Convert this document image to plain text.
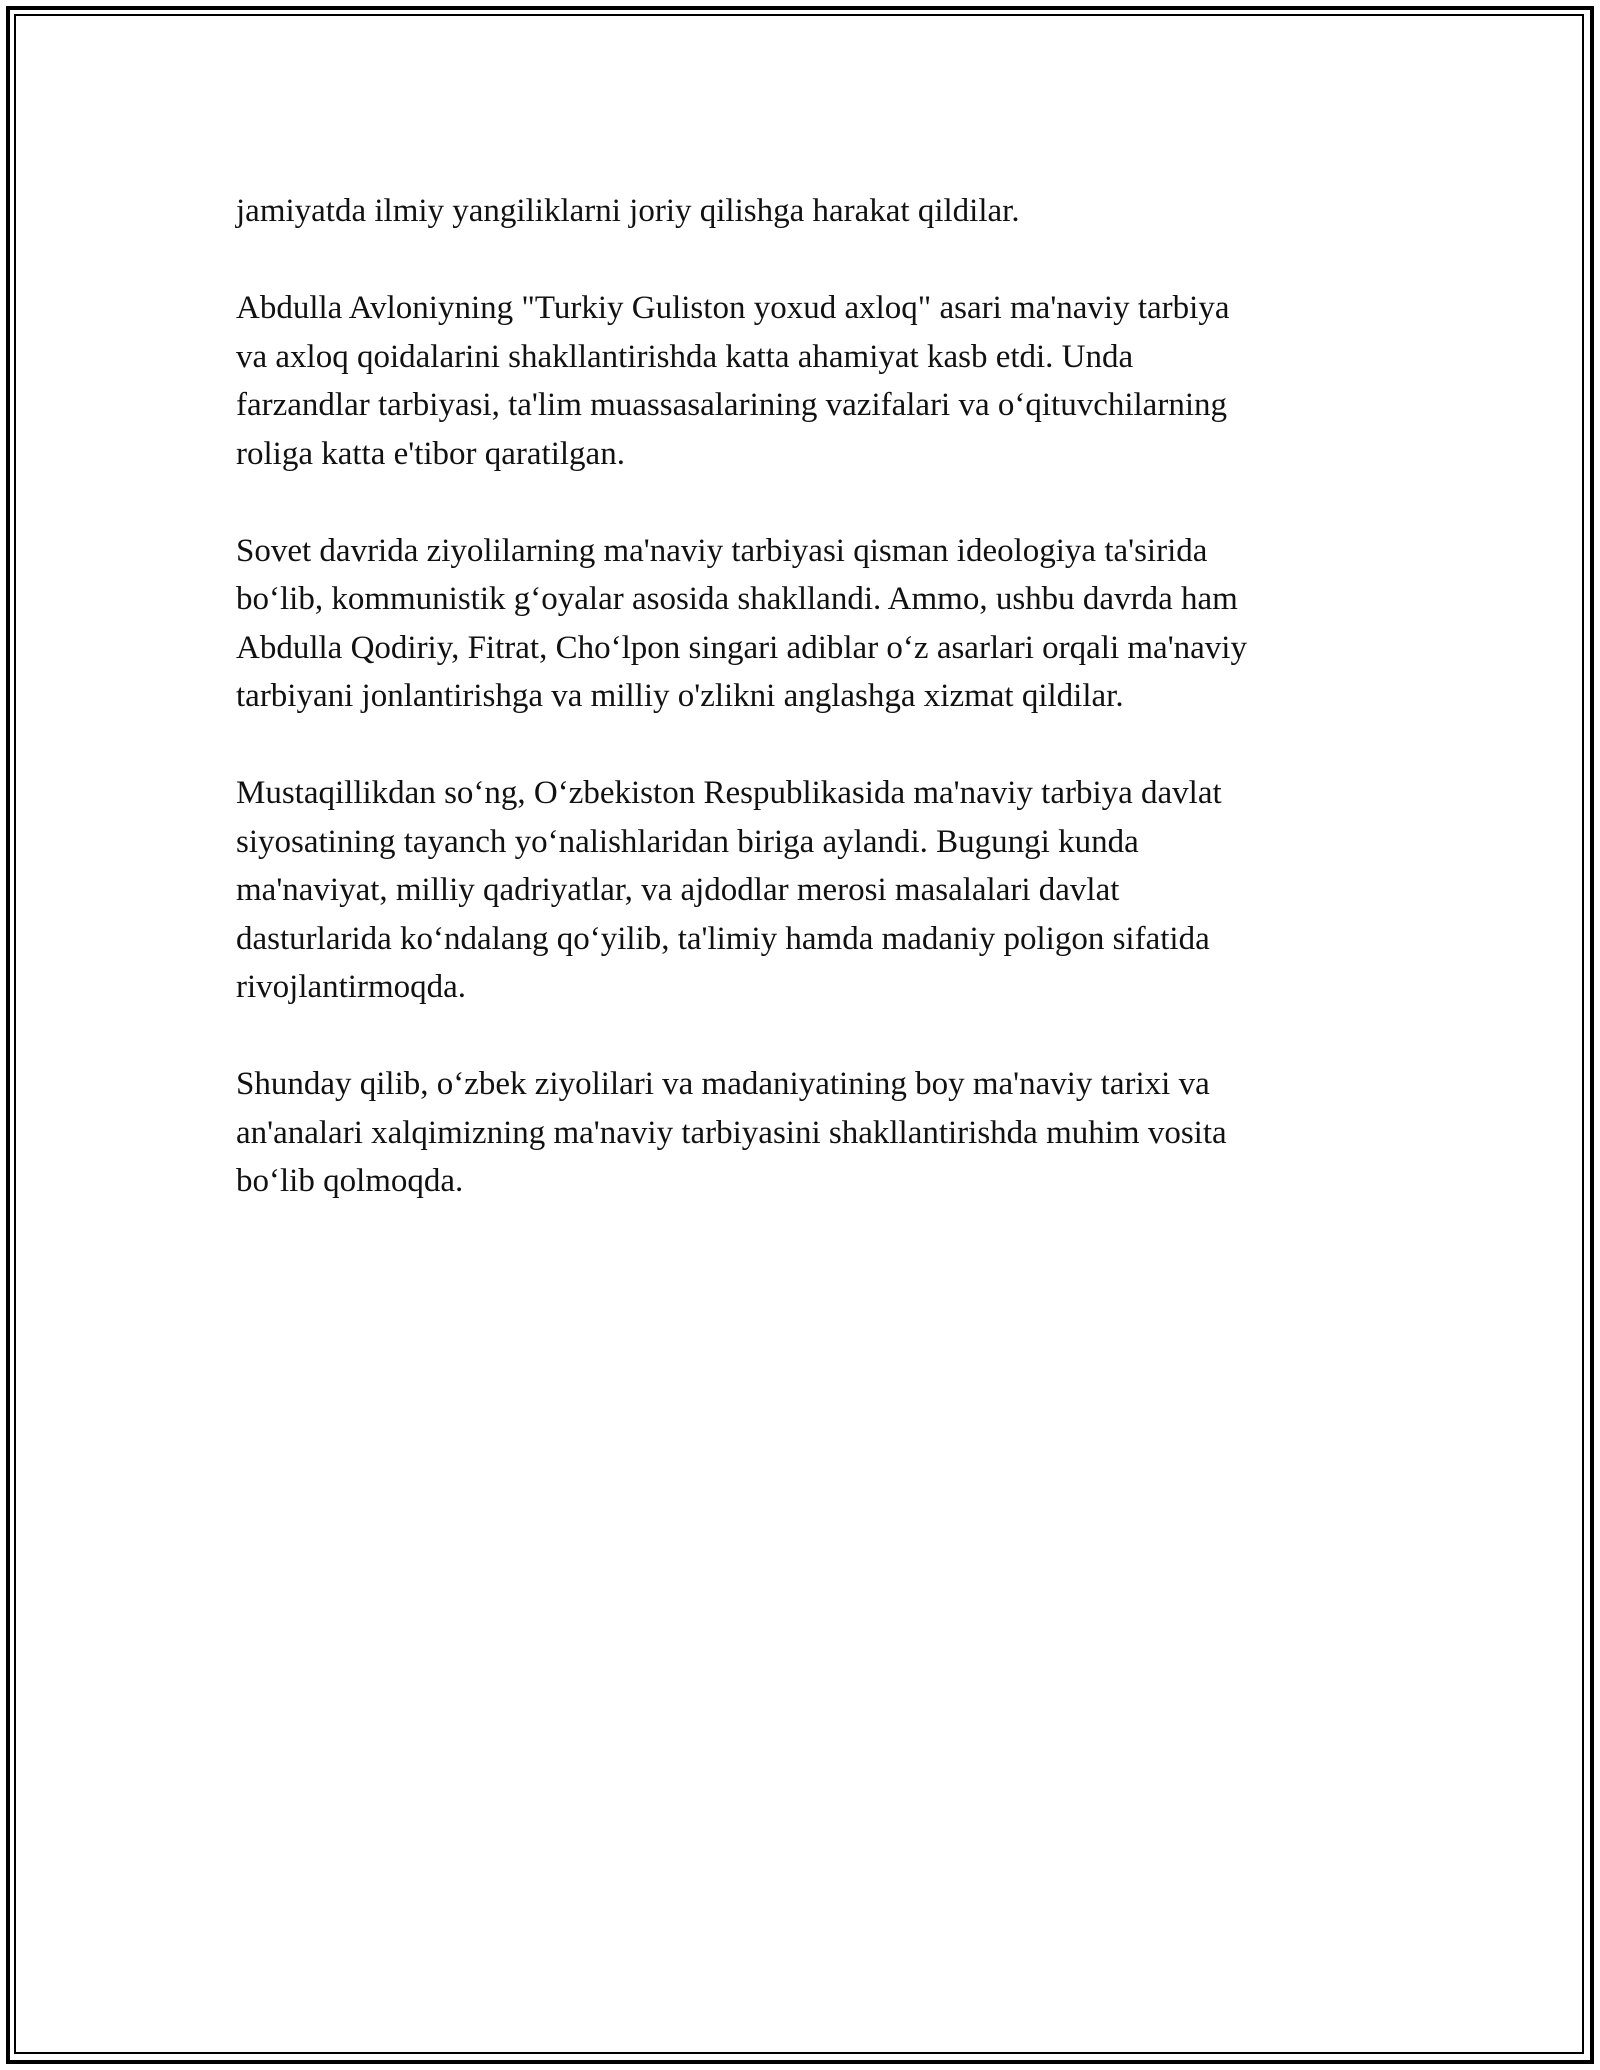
jamiyatda ilmiy yangiliklarni joriy qilishga harakat qildilar.

Abdulla Avloniyning "Turkiy Guliston yoxud axloq" asari ma'naviy tarbiya
va axloq qoidalarini shakllantirishda katta ahamiyat kasb etdi. Unda
farzandlar tarbiyasi, ta'lim muassasalarining vazifalari va o‘qituvchilarning
roliga katta e'tibor qaratilgan.

Sovet davrida ziyolilarning ma'naviy tarbiyasi qisman ideologiya ta'sirida
bo‘lib, kommunistik g‘oyalar asosida shakllandi. Ammo, ushbu davrda ham
Abdulla Qodiriy, Fitrat, Cho‘lpon singari adiblar o‘z asarlari orqali ma'naviy
tarbiyani jonlantirishga va milliy o'zlikni anglashga xizmat qildilar.

Mustaqillikdan so‘ng, O‘zbekiston Respublikasida ma'naviy tarbiya davlat
siyosatining tayanch yo‘nalishlaridan biriga aylandi. Bugungi kunda
ma'naviyat, milliy qadriyatlar, va ajdodlar merosi masalalari davlat
dasturlarida ko‘ndalang qo‘yilib, ta'limiy hamda madaniy poligon sifatida
rivojlantirmoqda.

Shunday qilib, o‘zbek ziyolilari va madaniyatining boy ma'naviy tarixi va
an'analari xalqimizning ma'naviy tarbiyasini shakllantirishda muhim vosita
bo‘lib qolmoqda.
